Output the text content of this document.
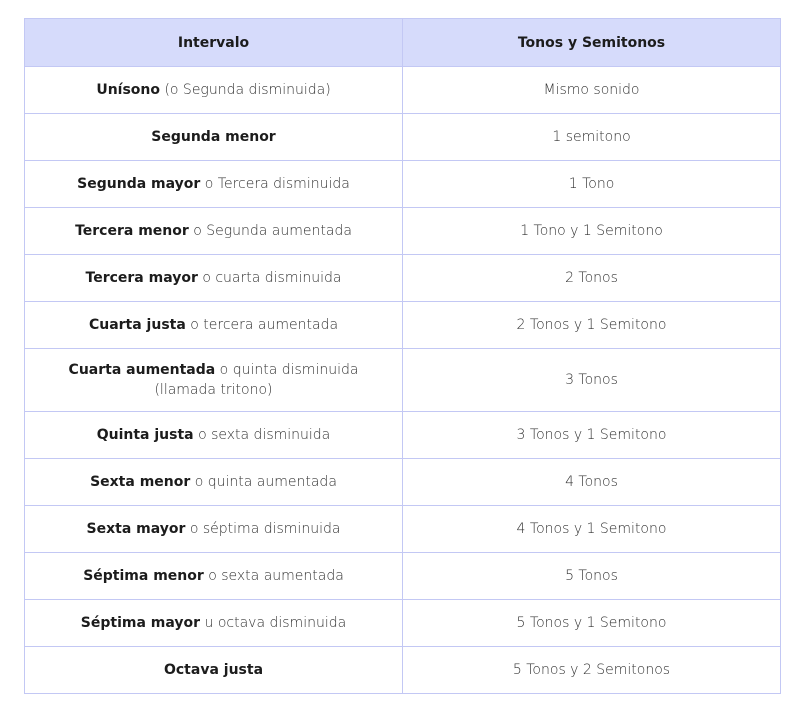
Intervalo	Tonos y Semitonos
Unísono (o Segunda disminuida)	Mismo sonido
Segunda menor	1 semitono
Segunda mayor o Tercera disminuida	1 Tono
Tercera menor o Segunda aumentada	1 Tono y 1 Semitono
Tercera mayor o cuarta disminuida	2 Tonos
Cuarta justa o tercera aumentada	2 Tonos y 1 Semitono
Cuarta aumentada o quinta disminuida (llamada tritono)	3 Tonos
Quinta justa o sexta disminuida	3 Tonos y 1 Semitono
Sexta menor o quinta aumentada	4 Tonos
Sexta mayor o séptima disminuida	4 Tonos y 1 Semitono
Séptima menor o sexta aumentada	5 Tonos
Séptima mayor u octava disminuida	5 Tonos y 1 Semitono
Octava justa	5 Tonos y 2 Semitonos
